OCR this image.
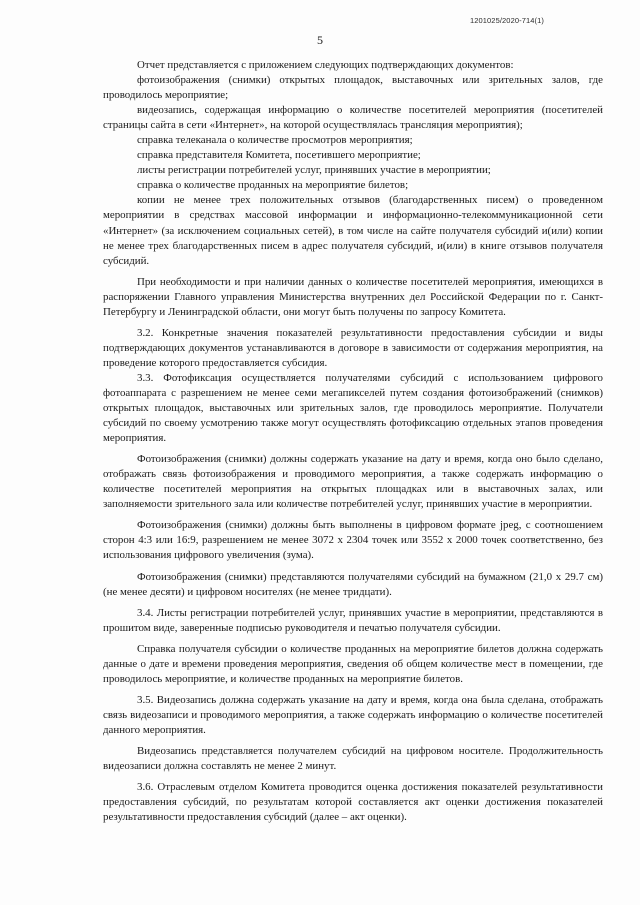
1201025/2020-714(1)
5

Отчет представляется с приложением следующих подтверждающих документов:

фотоизображения (снимки) открытых площадок, выставочных или зрительных залов, где проводилось мероприятие;

видеозапись, содержащая информацию о количестве посетителей мероприятия (посетителей страницы сайта в сети «Интернет», на которой осуществлялась трансляция мероприятия);

справка телеканала о количестве просмотров мероприятия;

справка представителя Комитета, посетившего мероприятие;

листы регистрации потребителей услуг, принявших участие в мероприятии;

справка о количестве проданных на мероприятие билетов;

копии не менее трех положительных отзывов (благодарственных писем) о проведенном мероприятии в средствах массовой информации и информационно-телекоммуникационной сети «Интернет» (за исключением социальных сетей), в том числе на сайте получателя субсидий и(или) копии не менее трех благодарственных писем в адрес получателя субсидий, и(или) в книге отзывов получателя субсидий.

При необходимости и при наличии данных о количестве посетителей мероприятия, имеющихся в распоряжении Главного управления Министерства внутренних дел Российской Федерации по г. Санкт-Петербургу и Ленинградской области, они могут быть получены по запросу Комитета.

3.2. Конкретные значения показателей результативности предоставления субсидии и виды подтверждающих документов устанавливаются в договоре в зависимости от содержания мероприятия, на проведение которого предоставляется субсидия.

3.3. Фотофиксация осуществляется получателями субсидий с использованием цифрового фотоаппарата с разрешением не менее семи мегапикселей путем создания фотоизображений (снимков) открытых площадок, выставочных или зрительных залов, где проводилось мероприятие. Получатели субсидий по своему усмотрению также могут осуществлять фотофиксацию отдельных этапов проведения мероприятия.

Фотоизображения (снимки) должны содержать указание на дату и время, когда оно было сделано, отображать связь фотоизображения и проводимого мероприятия, а также содержать информацию о количестве посетителей мероприятия на открытых площадках или в выставочных залах, или заполняемости зрительного зала или количестве потребителей услуг, принявших участие в мероприятии.

Фотоизображения (снимки) должны быть выполнены в цифровом формате jpeg, с соотношением сторон 4:3 или 16:9, разрешением не менее 3072 х 2304 точек или 3552 х 2000 точек соответственно, без использования цифрового увеличения (зума).

Фотоизображения (снимки) представляются получателями субсидий на бумажном (21,0 х 29.7 см) (не менее десяти) и цифровом носителях (не менее тридцати).

3.4. Листы регистрации потребителей услуг, принявших участие в мероприятии, представляются в прошитом виде, заверенные подписью руководителя и печатью получателя субсидии.

Справка получателя субсидии о количестве проданных на мероприятие билетов должна содержать данные о дате и времени проведения мероприятия, сведения об общем количестве мест в помещении, где проводилось мероприятие, и количестве проданных на мероприятие билетов.

3.5. Видеозапись должна содержать указание на дату и время, когда она была сделана, отображать связь видеозаписи и проводимого мероприятия, а также содержать информацию о количестве посетителей данного мероприятия.

Видеозапись представляется получателем субсидий на цифровом носителе. Продолжительность видеозаписи должна составлять не менее 2 минут.

3.6. Отраслевым отделом Комитета проводится оценка достижения показателей результативности предоставления субсидий, по результатам которой составляется акт оценки достижения показателей результативности предоставления субсидий (далее – акт оценки).
